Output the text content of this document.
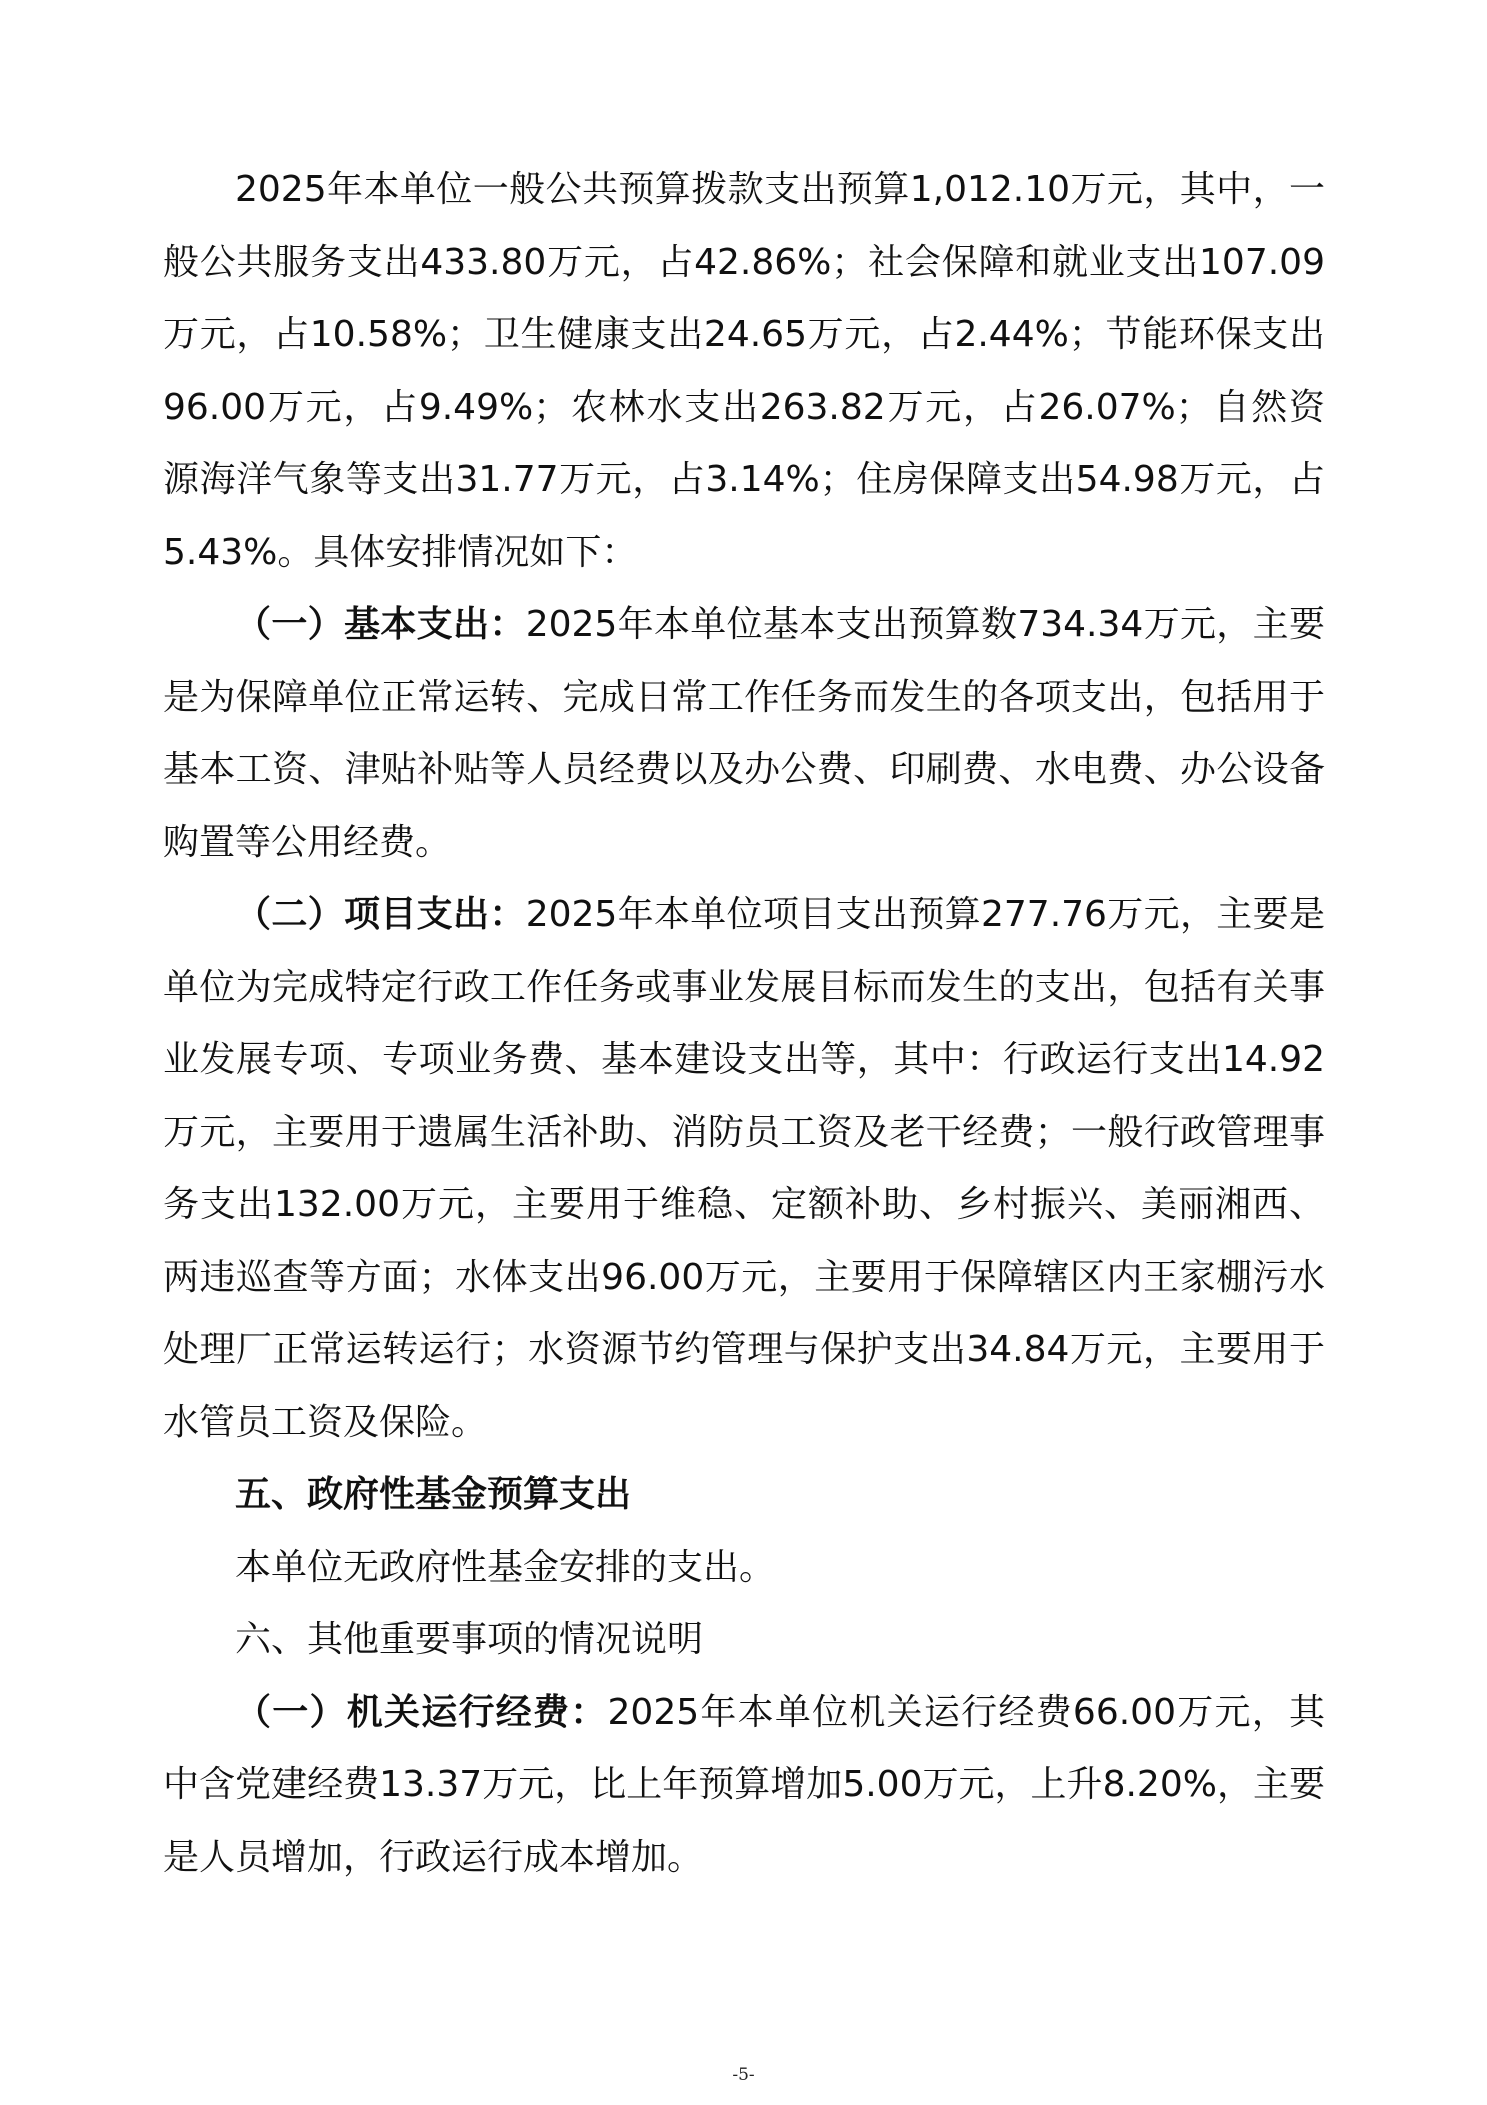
2025年本单位一般公共预算拨款支出预算1,012.10万元，其中，一般公共服务支出433.80万元，占42.86%；社会保障和就业支出107.09万元，占10.58%；卫生健康支出24.65万元，占2.44%；节能环保支出96.00万元，占9.49%；农林水支出263.82万元，占26.07%；自然资源海洋气象等支出31.77万元，占3.14%；住房保障支出54.98万元，占5.43%。具体安排情况如下：

（一）基本支出：2025年本单位基本支出预算数734.34万元，主要是为保障单位正常运转、完成日常工作任务而发生的各项支出，包括用于基本工资、津贴补贴等人员经费以及办公费、印刷费、水电费、办公设备购置等公用经费。

（二）项目支出：2025年本单位项目支出预算277.76万元，主要是单位为完成特定行政工作任务或事业发展目标而发生的支出，包括有关事业发展专项、专项业务费、基本建设支出等，其中：行政运行支出14.92万元，主要用于遗属生活补助、消防员工资及老干经费；一般行政管理事务支出132.00万元，主要用于维稳、定额补助、乡村振兴、美丽湘西、两违巡查等方面；水体支出96.00万元，主要用于保障辖区内王家棚污水处理厂正常运转运行；水资源节约管理与保护支出34.84万元，主要用于水管员工资及保险。

五、政府性基金预算支出

本单位无政府性基金安排的支出。

六、其他重要事项的情况说明

（一）机关运行经费：2025年本单位机关运行经费66.00万元，其中含党建经费13.37万元，比上年预算增加5.00万元，上升8.20%，主要是人员增加，行政运行成本增加。

-5-
